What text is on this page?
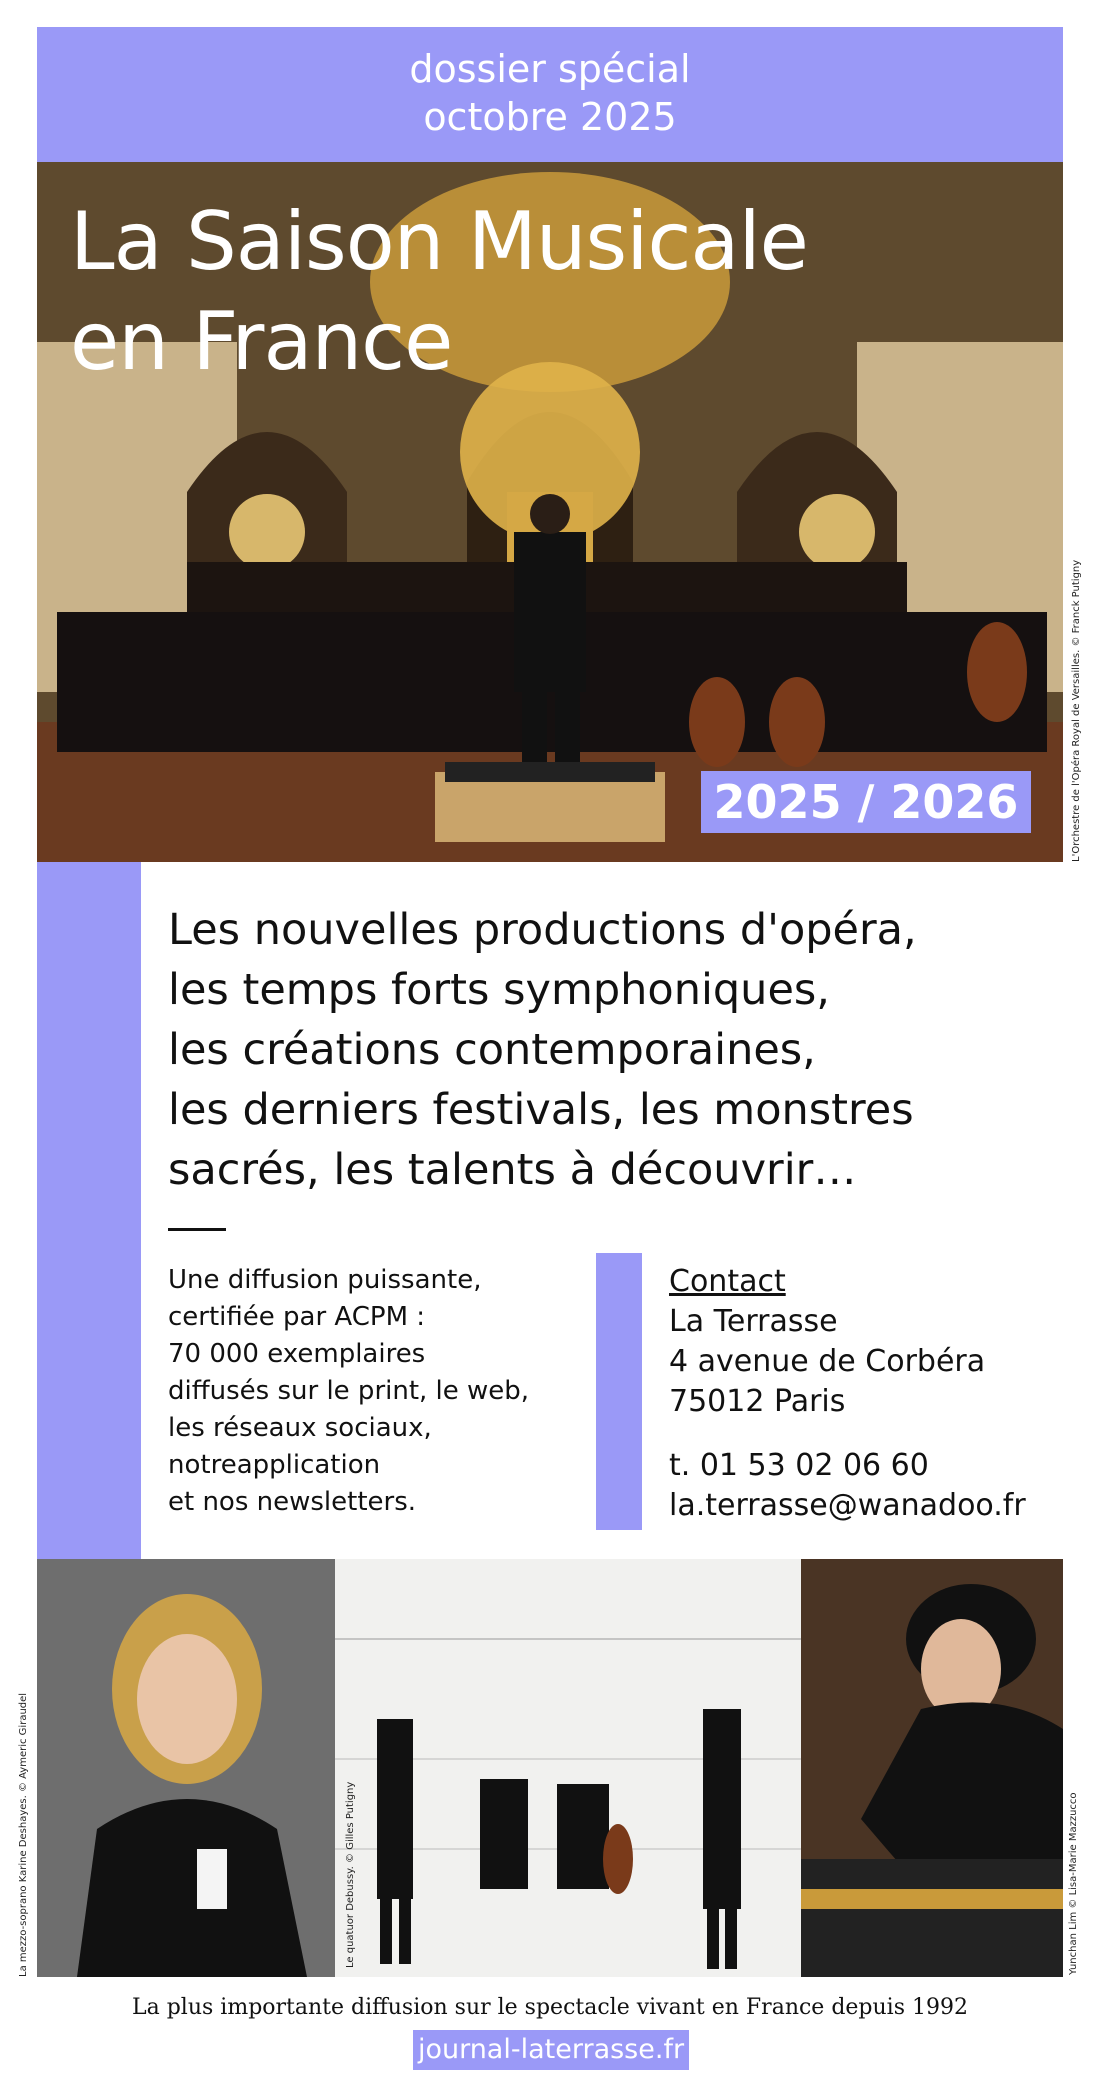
dossier spécial
octobre 2025
La Saison Musicale
en France
2025 / 2026	L'Orchestre de l'Opéra Royal de Versailles. © Franck Putigny
Les nouvelles productions d'opéra,
les temps forts symphoniques,
les créations contemporaines,
les derniers festivals, les monstres
sacrés, les talents à découvrir…
Une diffusion puissante,
certifiée par ACPM :
70 000 exemplaires
diffusés sur le print, le web,
les réseaux sociaux,
notreapplication
et nos newsletters.
Contact
La Terrasse
4 avenue de Corbéra
75012 Paris
t. 01 53 02 06 60
la.terrasse@wanadoo.fr
La mezzo-soprano Karine Deshayes. © Aymeric Giraudel	Le quatuor Debussy. © Gilles Putigny	Yunchan Lim © Lisa-Marie Mazzucco
La plus importante diffusion sur le spectacle vivant en France depuis 1992
journal-laterrasse.fr
